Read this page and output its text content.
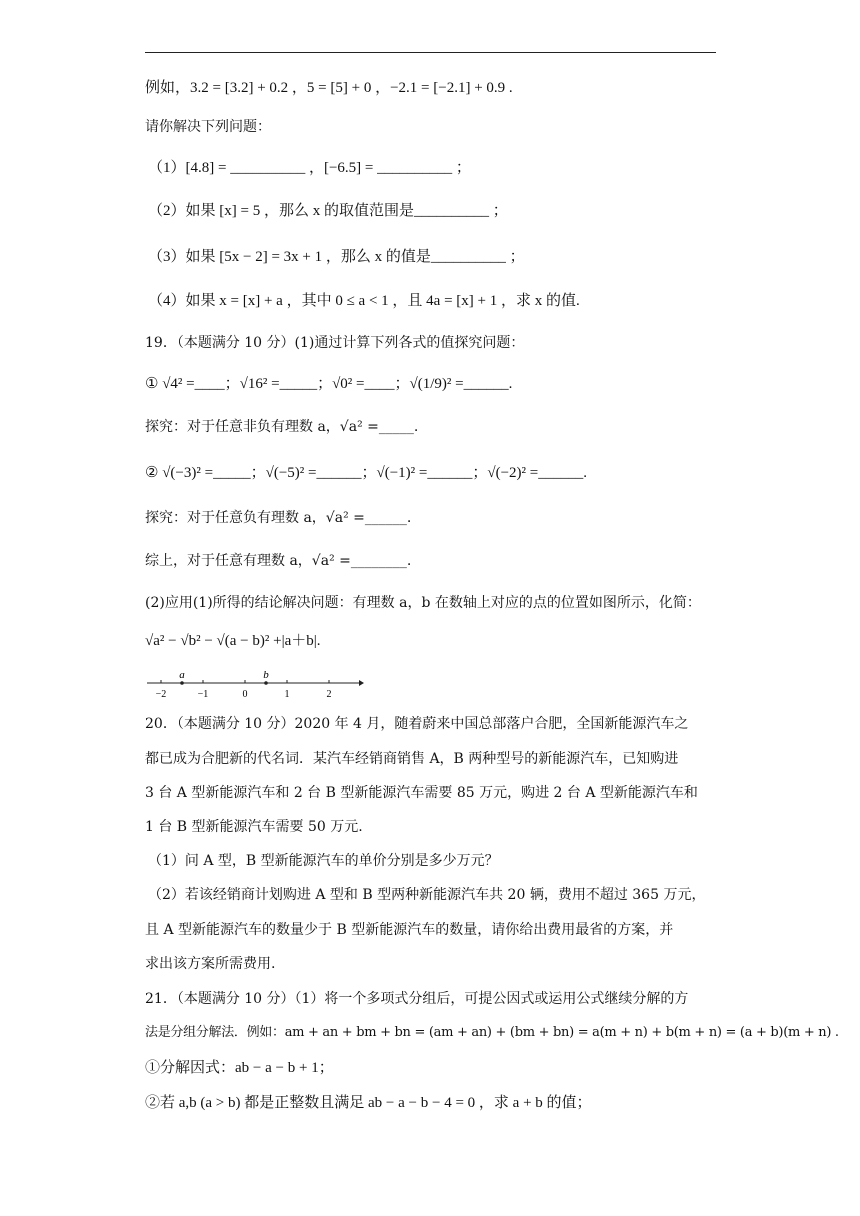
例如，3.2 = [3.2] + 0.2 ，5 = [5] + 0 ，−2.1 = [−2.1] + 0.9 .
请你解决下列问题：
（1）[4.8] = __________ ，[−6.5] = __________ ；
（2）如果 [x] = 5 ，那么 x 的取值范围是__________ ；
（3）如果 [5x − 2] = 3x + 1 ，那么 x 的值是__________ ；
（4）如果 x = [x] + a ，其中 0 ≤ a < 1 ，且 4a = [x] + 1 ，求 x 的值.
19．（本题满分 10 分）(1)通过计算下列各式的值探究问题：
① √4² =____；√16² =_____；√0² =____；√(1/9)² =______.
探究：对于任意非负有理数 a，√a² =_____.
② √(−3)² =_____；√(−5)² =______；√(−1)² =______；√(−2)² =______.
探究：对于任意负有理数 a，√a² =______.
综上，对于任意有理数 a，√a² =________.
(2)应用(1)所得的结论解决问题：有理数 a，b 在数轴上对应的点的位置如图所示，化简：
√a² − √b² − √(a − b)² +|a＋b|.
−2	−1	0	1	2
a	b
20．（本题满分 10 分）2020 年 4 月，随着蔚来中国总部落户合肥，全国新能源汽车之
都已成为合肥新的代名词．某汽车经销商销售 A，B 两种型号的新能源汽车，已知购进
3 台 A 型新能源汽车和 2 台 B 型新能源汽车需要 85 万元，购进 2 台 A 型新能源汽车和
1 台 B 型新能源汽车需要 50 万元.
（1）问 A 型，B 型新能源汽车的单价分别是多少万元？
（2）若该经销商计划购进 A 型和 B 型两种新能源汽车共 20 辆，费用不超过 365 万元，
且 A 型新能源汽车的数量少于 B 型新能源汽车的数量，请你给出费用最省的方案，并
求出该方案所需费用.
21．（本题满分 10 分）（1）将一个多项式分组后，可提公因式或运用公式继续分解的方
法是分组分解法．例如：am + an + bm + bn = (am + an) + (bm + bn) = a(m + n) + b(m + n) = (a + b)(m + n) .
①分解因式：ab − a − b + 1；
②若 a,b (a > b) 都是正整数且满足 ab − a − b − 4 = 0 ，求 a + b 的值；
